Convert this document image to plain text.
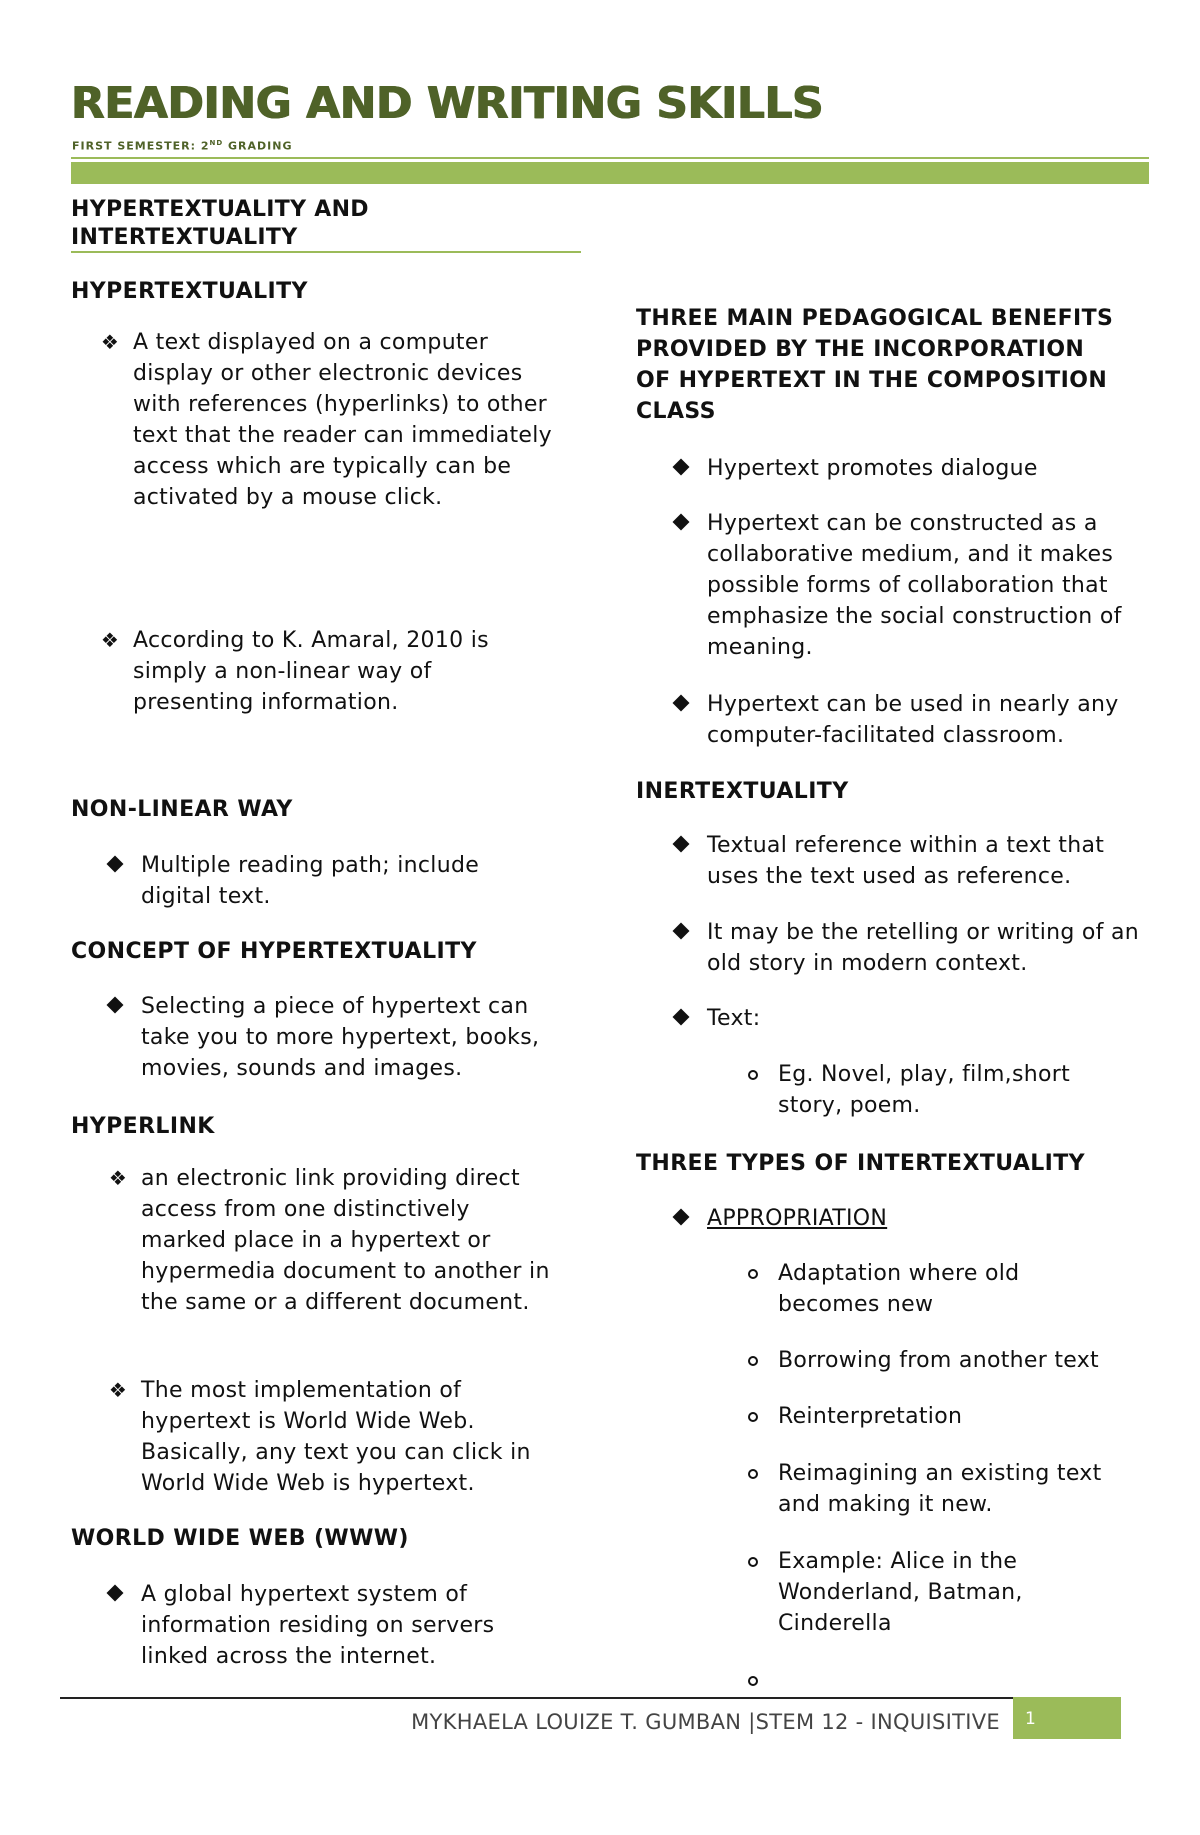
READING AND WRITING SKILLS
FIRST SEMESTER: 2ND GRADING
HYPERTEXTUALITY AND INTERTEXTUALITY
HYPERTEXTUALITY
❖ A text displayed on a computer display or other electronic devices with references (hyperlinks) to other text that the reader can immediately access which are typically can be activated by a mouse click.
❖ According to K. Amaral, 2010 is simply a non-linear way of presenting information.
NON-LINEAR WAY
Multiple reading path; include digital text.
CONCEPT OF HYPERTEXTUALITY
Selecting a piece of hypertext can take you to more hypertext, books, movies, sounds and images.
HYPERLINK
❖ an electronic link providing direct access from one distinctively marked place in a hypertext or hypermedia document to another in the same or a different document.
❖ The most implementation of hypertext is World Wide Web. Basically, any text you can click in World Wide Web is hypertext.
WORLD WIDE WEB (WWW)
A global hypertext system of information residing on servers linked across the internet.
THREE MAIN PEDAGOGICAL BENEFITS PROVIDED BY THE INCORPORATION OF HYPERTEXT IN THE COMPOSITION CLASS
Hypertext promotes dialogue
Hypertext can be constructed as a collaborative medium, and it makes possible forms of collaboration that emphasize the social construction of meaning.
Hypertext can be used in nearly any computer-facilitated classroom.
INERTEXTUALITY
Textual reference within a text that uses the text used as reference.
It may be the retelling or writing of an old story in modern context.
Text:
Eg. Novel, play, film,short story, poem.
THREE TYPES OF INTERTEXTUALITY
APPROPRIATION
Adaptation where old becomes new
Borrowing from another text
Reinterpretation
Reimagining an existing text and making it new.
Example: Alice in the Wonderland, Batman, Cinderella
MYKHAELA LOUIZE T. GUMBAN |STEM 12 - INQUISITIVE 1
